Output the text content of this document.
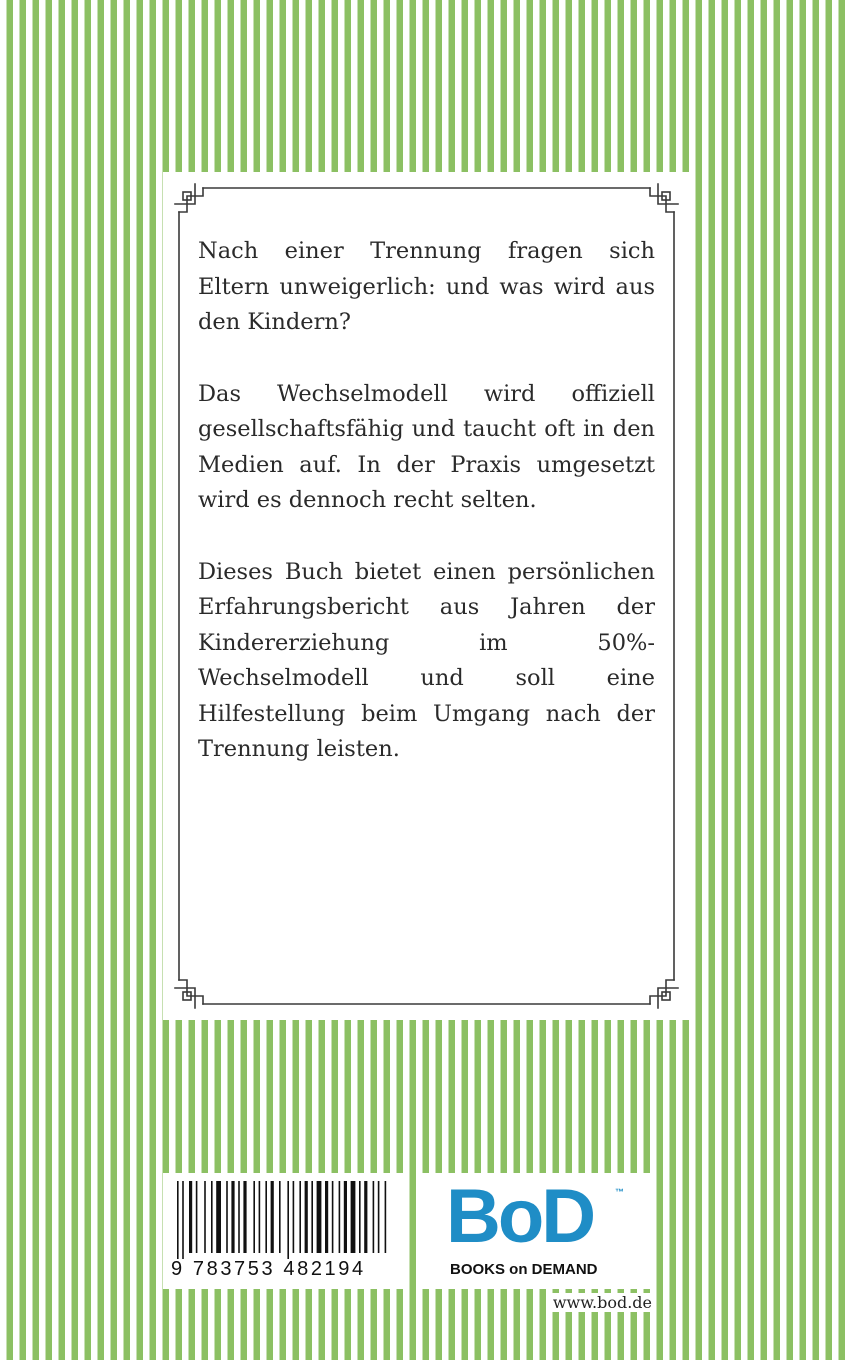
Nach einer Trennung fragen sich Eltern unweigerlich: und was wird aus den Kindern?

Das Wechselmodell wird offiziell gesellschaftsfähig und taucht oft in den Medien auf. In der Praxis umgesetzt wird es dennoch recht selten.

Dieses Buch bietet einen persönlichen Erfahrungsbericht aus Jahren der Kindererziehung im 50%-Wechselmodell und soll eine Hilfestellung beim Umgang nach der Trennung leisten.

9 783753 482194
BoD ™
BOOKS on DEMAND
www.bod.de
